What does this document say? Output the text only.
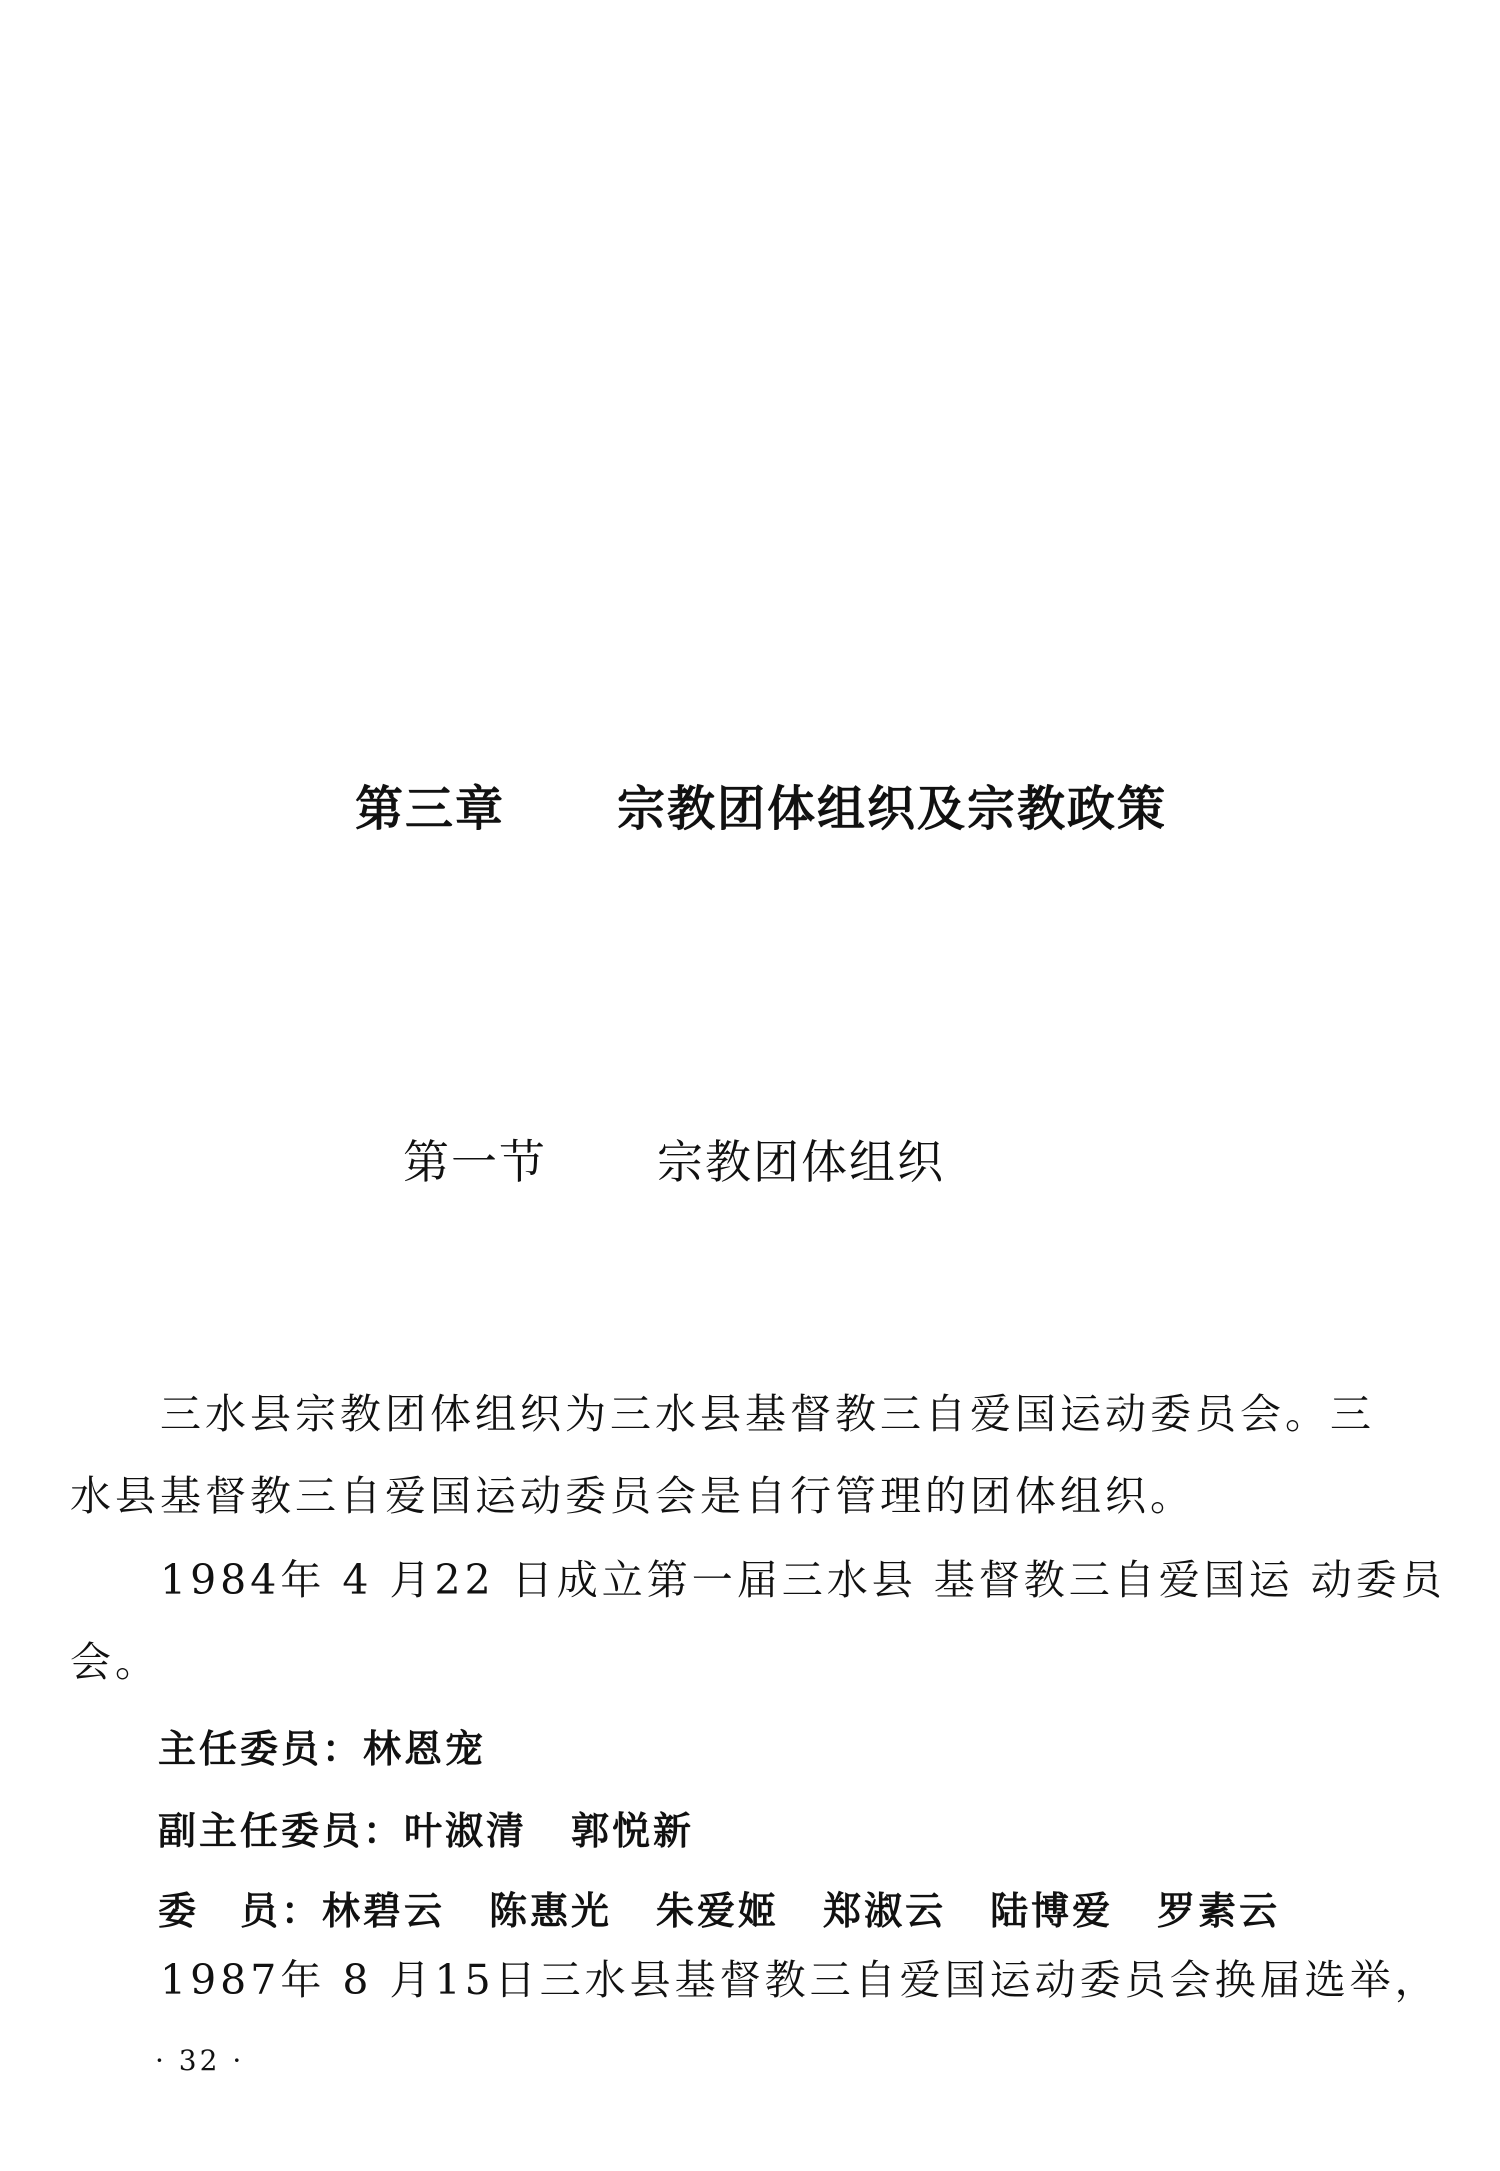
第三章 宗教团体组织及宗教政策
第一节 宗教团体组织
三水县宗教团体组织为三水县基督教三自爱国运动委员会。三
水县基督教三自爱国运动委员会是自行管理的团体组织。
1984年 4 月22 日成立第一届三水县 基督教三自爱国运 动委员
会。
主任委员：林恩宠
副主任委员：叶淑清 郭悦新
委　员：林碧云 陈惠光 朱爱姬 郑淑云 陆博爱 罗素云
1987年 8 月15日三水县基督教三自爱国运动委员会换届选举，
· 32 ·
